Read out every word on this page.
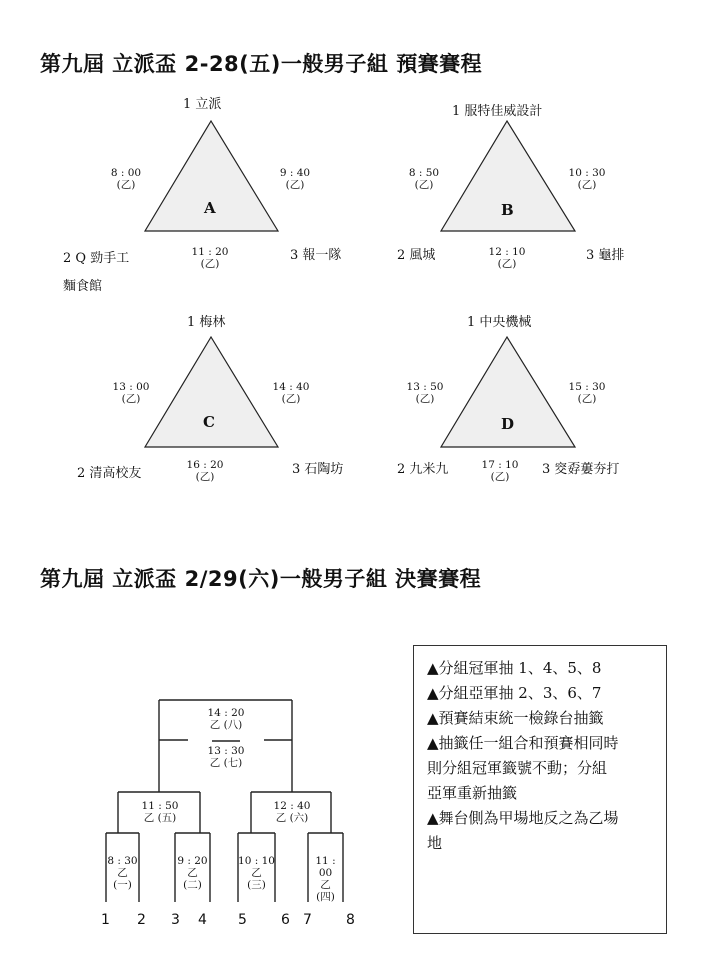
第九屆 立派盃 2-28(五)一般男子組 預賽賽程
第九屆 立派盃 2/29(六)一般男子組 決賽賽程
1 立派
2 Q 勁手工
麵食館
3 報一隊
8 : 00
(乙)
9 : 40
(乙)
11 : 20
(乙)
A
1 服特佳威設計
2 風城	3 龜排
8 : 50
(乙)
10 : 30
(乙)
12 : 10
(乙)
B
1 梅林
2 清高校友	3 石陶坊
13 : 00
(乙)
14 : 40
(乙)
16 : 20
(乙)
C
1 中央機械
2 九米九	3 窔孬蔞夯打
13 : 50
(乙)
15 : 30
(乙)
17 : 10
(乙)
D
14 : 20
乙 (八)
13 : 30
乙 (七)
11 : 50
乙 (五)
12 : 40
乙 (六)
8 : 30
乙
(一)
9 : 20
乙
(二)
10 : 10
乙
(三)
11 : 00
乙
(四)
1 2 3 4 5 6 7 8
▲分組冠軍抽 1、4、5、8
▲分組亞軍抽 2、3、6、7
▲預賽結束統一檢錄台抽籤
▲抽籤任一組合和預賽相同時
則分組冠軍籤號不動；分組
亞軍重新抽籤
▲舞台側為甲場地反之為乙場
地
